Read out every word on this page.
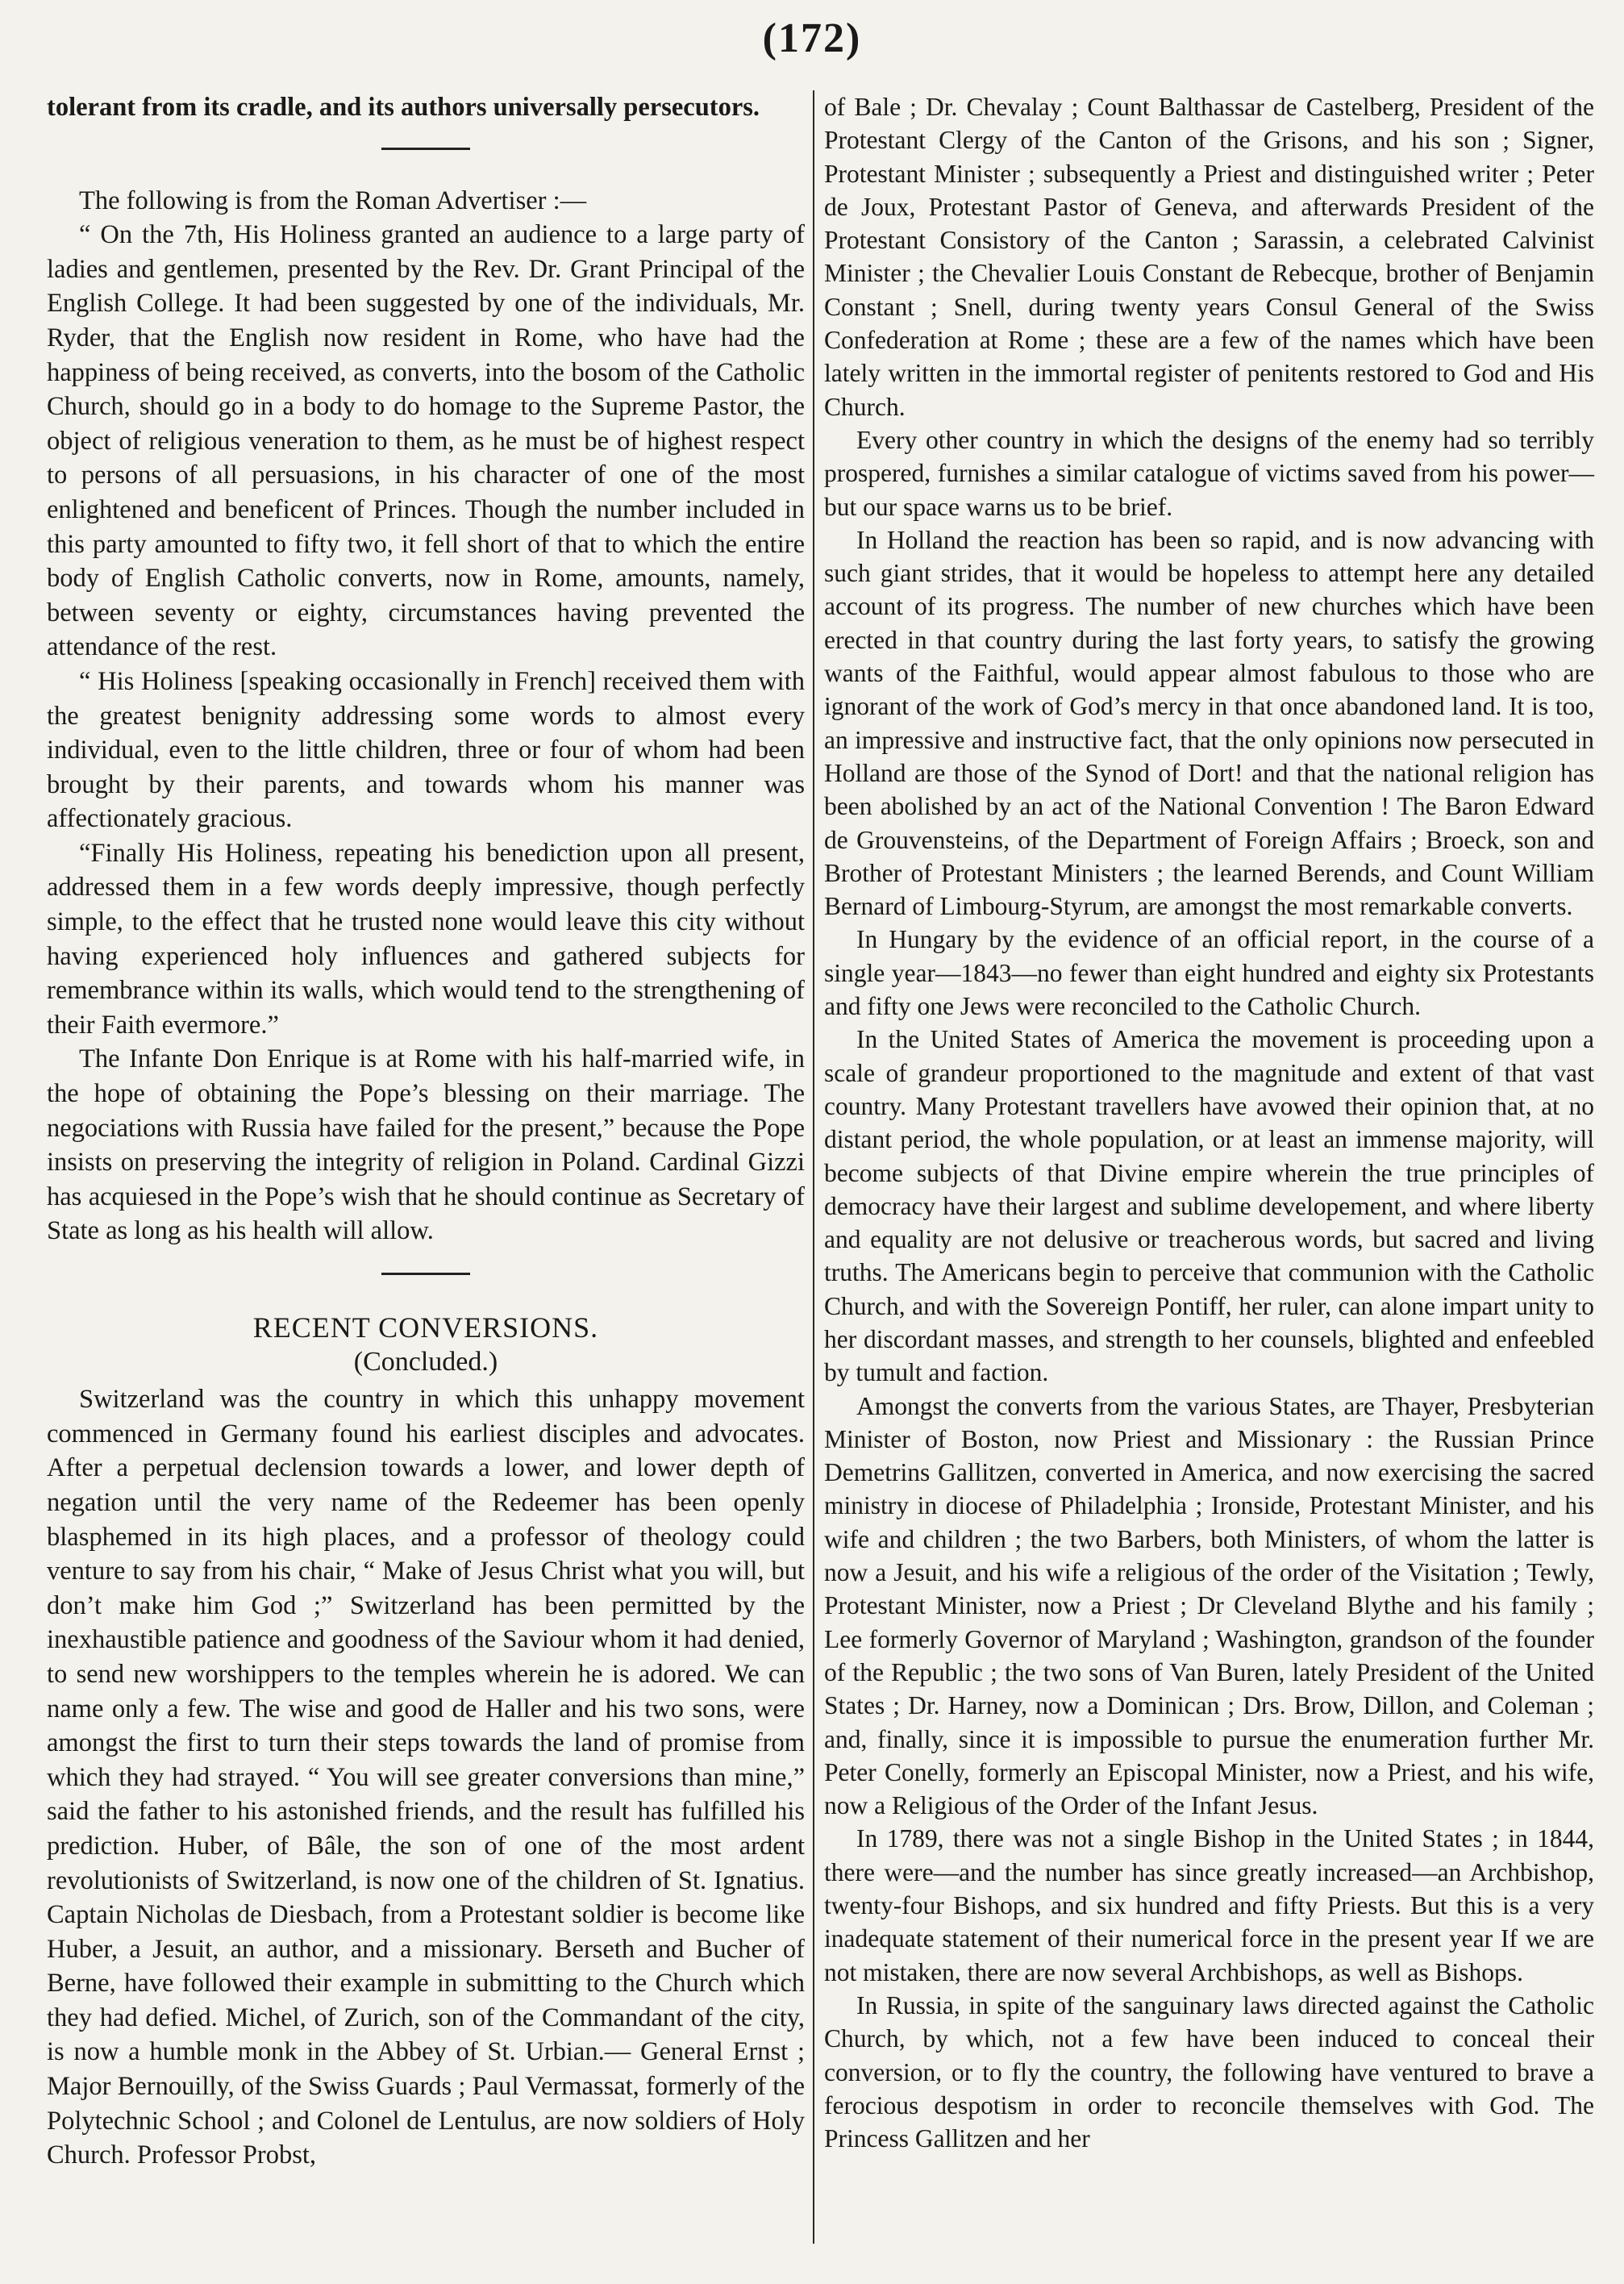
(172)

tolerant from its cradle, and its authors universally persecutors.

The following is from the Roman Advertiser :—

“ On the 7th, His Holiness granted an audience to a large party of ladies and gentlemen, presented by the Rev. Dr. Grant Principal of the English College. It had been suggested by one of the individuals, Mr. Ryder, that the English now resident in Rome, who have had the happiness of being received, as converts, into the bosom of the Catholic Church, should go in a body to do homage to the Supreme Pastor, the object of religious veneration to them, as he must be of highest respect to persons of all persuasions, in his character of one of the most enlightened and beneficent of Princes. Though the number included in this party amounted to fifty two, it fell short of that to which the entire body of English Catholic converts, now in Rome, amounts, namely, between seventy or eighty, circumstances having prevented the attendance of the rest.

“ His Holiness [speaking occasionally in French] received them with the greatest benignity addressing some words to almost every individual, even to the little children, three or four of whom had been brought by their parents, and towards whom his manner was affectionately gracious.

“Finally His Holiness, repeating his benediction upon all present, addressed them in a few words deeply impressive, though perfectly simple, to the effect that he trusted none would leave this city without having experienced holy influences and gathered subjects for remembrance within its walls, which would tend to the strengthening of their Faith evermore.”

The Infante Don Enrique is at Rome with his half-married wife, in the hope of obtaining the Pope’s blessing on their marriage. The negociations with Russia have failed for the present,” because the Pope insists on preserving the integrity of religion in Poland. Cardinal Gizzi has acquiesed in the Pope’s wish that he should continue as Secretary of State as long as his health will allow.

RECENT CONVERSIONS.

(Concluded.)

Switzerland was the country in which this unhappy movement commenced in Germany found his earliest disciples and advocates. After a perpetual declension towards a lower, and lower depth of negation until the very name of the Redeemer has been openly blasphemed in its high places, and a professor of theology could venture to say from his chair, “ Make of Jesus Christ what you will, but don’t make him God ;” Switzerland has been permitted by the inexhaustible patience and goodness of the Saviour whom it had denied, to send new worshippers to the temples wherein he is adored. We can name only a few. The wise and good de Haller and his two sons, were amongst the first to turn their steps towards the land of promise from which they had strayed. “ You will see greater conversions than mine,” said the father to his astonished friends, and the result has fulfilled his prediction. Huber, of Bâle, the son of one of the most ardent revolutionists of Switzerland, is now one of the children of St. Ignatius. Captain Nicholas de Diesbach, from a Protestant soldier is become like Huber, a Jesuit, an author, and a missionary. Berseth and Bucher of Berne, have followed their example in submitting to the Church which they had defied. Michel, of Zurich, son of the Commandant of the city, is now a humble monk in the Abbey of St. Urbian.— General Ernst ; Major Bernouilly, of the Swiss Guards ; Paul Vermassat, formerly of the Polytechnic School ; and Colonel de Lentulus, are now soldiers of Holy Church. Professor Probst,

of Bale ; Dr. Chevalay ; Count Balthassar de Castelberg, President of the Protestant Clergy of the Canton of the Grisons, and his son ; Signer, Protestant Minister ; subsequently a Priest and distinguished writer ; Peter de Joux, Protestant Pastor of Geneva, and afterwards President of the Protestant Consistory of the Canton ; Sarassin, a celebrated Calvinist Minister ; the Chevalier Louis Constant de Rebecque, brother of Benjamin Constant ; Snell, during twenty years Consul General of the Swiss Confederation at Rome ; these are a few of the names which have been lately written in the immortal register of penitents restored to God and His Church.

Every other country in which the designs of the enemy had so terribly prospered, furnishes a similar catalogue of victims saved from his power—but our space warns us to be brief.

In Holland the reaction has been so rapid, and is now advancing with such giant strides, that it would be hopeless to attempt here any detailed account of its progress. The number of new churches which have been erected in that country during the last forty years, to satisfy the growing wants of the Faithful, would appear almost fabulous to those who are ignorant of the work of God’s mercy in that once abandoned land. It is too, an impressive and instructive fact, that the only opinions now persecuted in Holland are those of the Synod of Dort! and that the national religion has been abolished by an act of the National Convention ! The Baron Edward de Grouvensteins, of the Department of Foreign Affairs ; Broeck, son and Brother of Protestant Ministers ; the learned Berends, and Count William Bernard of Limbourg-Styrum, are amongst the most remarkable converts.

In Hungary by the evidence of an official report, in the course of a single year—1843—no fewer than eight hundred and eighty six Protestants and fifty one Jews were reconciled to the Catholic Church.

In the United States of America the movement is proceeding upon a scale of grandeur proportioned to the magnitude and extent of that vast country. Many Protestant travellers have avowed their opinion that, at no distant period, the whole population, or at least an immense majority, will become subjects of that Divine empire wherein the true principles of democracy have their largest and sublime developement, and where liberty and equality are not delusive or treacherous words, but sacred and living truths. The Americans begin to perceive that communion with the Catholic Church, and with the Sovereign Pontiff, her ruler, can alone impart unity to her discordant masses, and strength to her counsels, blighted and enfeebled by tumult and faction.

Amongst the converts from the various States, are Thayer, Presbyterian Minister of Boston, now Priest and Missionary : the Russian Prince Demetrins Gallitzen, converted in America, and now exercising the sacred ministry in diocese of Philadelphia ; Ironside, Protestant Minister, and his wife and children ; the two Barbers, both Ministers, of whom the latter is now a Jesuit, and his wife a religious of the order of the Visitation ; Tewly, Protestant Minister, now a Priest ; Dr Cleveland Blythe and his family ; Lee formerly Governor of Maryland ; Washington, grandson of the founder of the Republic ; the two sons of Van Buren, lately President of the United States ; Dr. Harney, now a Dominican ; Drs. Brow, Dillon, and Coleman ; and, finally, since it is impossible to pursue the enumeration further Mr. Peter Conelly, formerly an Episcopal Minister, now a Priest, and his wife, now a Religious of the Order of the Infant Jesus.

In 1789, there was not a single Bishop in the United States ; in 1844, there were—and the number has since greatly increased—an Archbishop, twenty-four Bishops, and six hundred and fifty Priests. But this is a very inadequate statement of their numerical force in the present year If we are not mistaken, there are now several Archbishops, as well as Bishops.

In Russia, in spite of the sanguinary laws directed against the Catholic Church, by which, not a few have been induced to conceal their conversion, or to fly the country, the following have ventured to brave a ferocious despotism in order to reconcile themselves with God. The Princess Gallitzen and her
